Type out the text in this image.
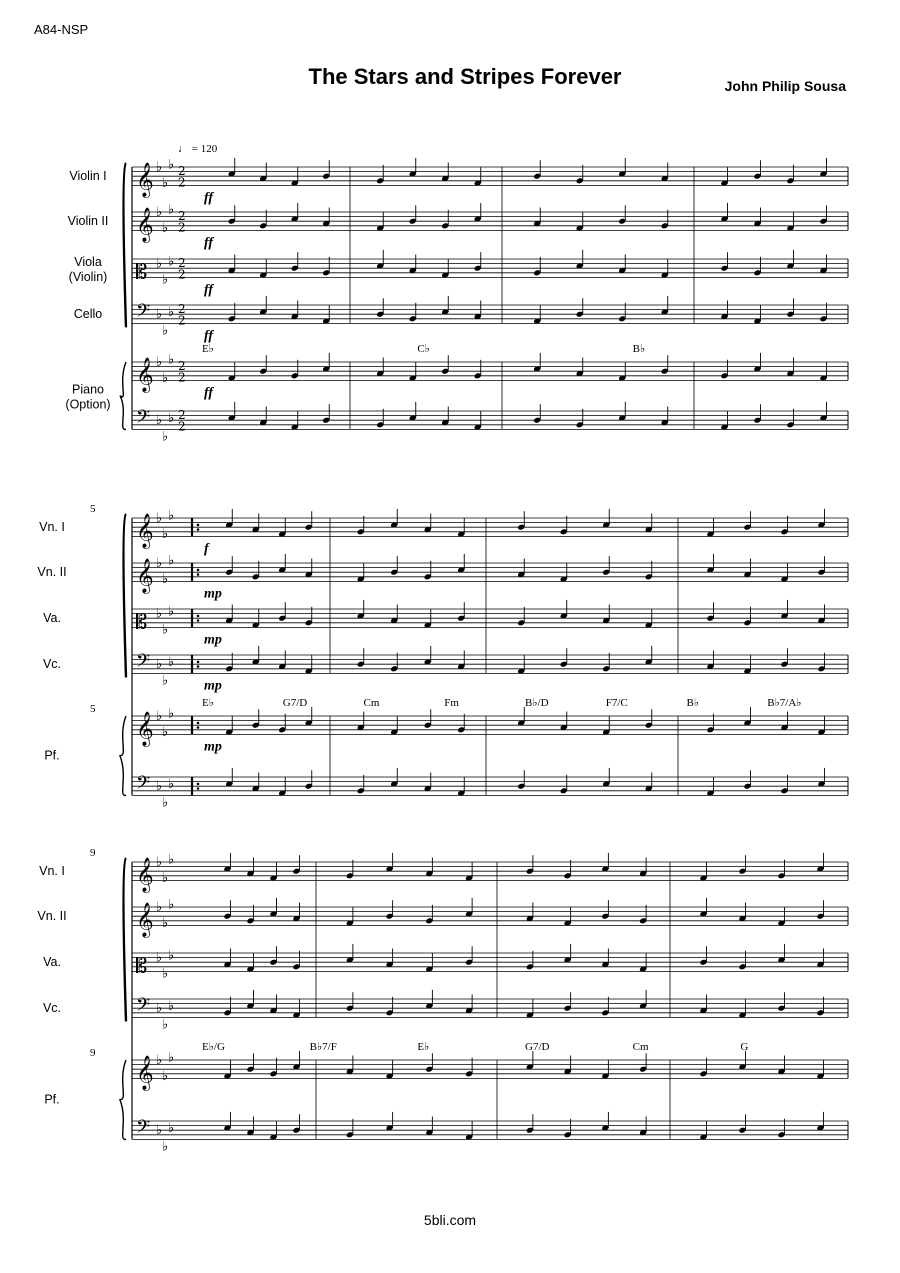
A84-NSP
The Stars and Stripes Forever	John Philip Sousa
𝄞 ♭
♭
♭ 2
2
𝄞 ♭
♭
♭ 2
2
𝄡 ♭
♭
♭ 2
2
𝄢 ♭
♭
♭ 2
2
𝄞 ♭
♭
♭ 2
2
𝄢 ♭
♭
♭ 2
2
Violin I
Violin II
Viola
(Violin)
Cello
Piano
(Option)
ff
ff
ff
ff
ff
E♭	C♭	B♭
𝄞 ♭
♭
♭
𝄞 ♭
♭
♭
𝄡 ♭
♭
♭
𝄢 ♭
♭
♭
𝄞 ♭
♭
♭
𝄢 ♭
♭
♭
Vn. I
Vn. II
Va.
Vc.
Pf.
5
5
f
mp
mp
mp
mp
E♭	G7/D	Cm	Fm	B♭/D	F7/C	B♭	B♭7/A♭
𝄞 ♭
♭
♭
𝄞 ♭
♭
♭
𝄡 ♭
♭
♭
𝄢 ♭
♭
♭
𝄞 ♭
♭
♭
𝄢 ♭
♭
♭
Vn. I
Vn. II
Va.
Vc.
Pf.
9
9	E♭/G	B♭7/F	E♭	G7/D	Cm	G
♩ = 120
5bli.com
